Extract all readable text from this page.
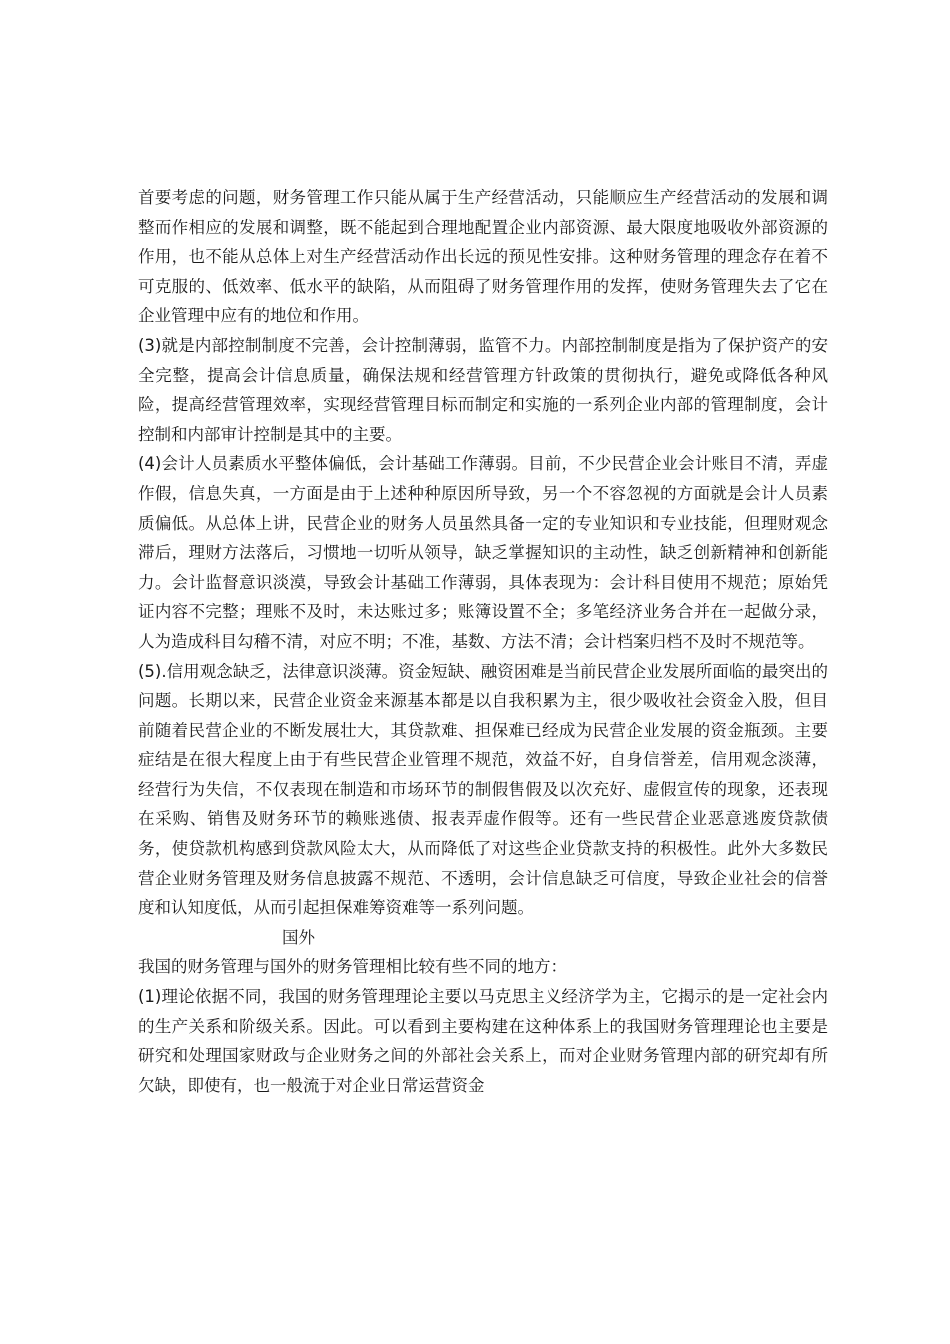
首要考虑的问题，财务管理工作只能从属于生产经营活动，只能顺应生产经营活动的发展和调整而作相应的发展和调整，既不能起到合理地配置企业内部资源、最大限度地吸收外部资源的作用，也不能从总体上对生产经营活动作出长远的预见性安排。这种财务管理的理念存在着不可克服的、低效率、低水平的缺陷，从而阻碍了财务管理作用的发挥，使财务管理失去了它在企业管理中应有的地位和作用。

(3)就是内部控制制度不完善，会计控制薄弱，监管不力。内部控制制度是指为了保护资产的安全完整，提高会计信息质量，确保法规和经营管理方针政策的贯彻执行，避免或降低各种风险，提高经营管理效率，实现经营管理目标而制定和实施的一系列企业内部的管理制度，会计控制和内部审计控制是其中的主要。

(4)会计人员素质水平整体偏低，会计基础工作薄弱。目前，不少民营企业会计账目不清，弄虚作假，信息失真，一方面是由于上述种种原因所导致，另一个不容忽视的方面就是会计人员素质偏低。从总体上讲，民营企业的财务人员虽然具备一定的专业知识和专业技能，但理财观念滞后，理财方法落后，习惯地一切听从领导，缺乏掌握知识的主动性，缺乏创新精神和创新能力。会计监督意识淡漠，导致会计基础工作薄弱，具体表现为：会计科目使用不规范；原始凭证内容不完整；理账不及时，未达账过多；账簿设置不全；多笔经济业务合并在一起做分录，人为造成科目勾稽不清，对应不明；不准，基数、方法不清；会计档案归档不及时不规范等。

(5).信用观念缺乏，法律意识淡薄。资金短缺、融资困难是当前民营企业发展所面临的最突出的问题。长期以来，民营企业资金来源基本都是以自我积累为主，很少吸收社会资金入股，但目前随着民营企业的不断发展壮大，其贷款难、担保难已经成为民营企业发展的资金瓶颈。主要症结是在很大程度上由于有些民营企业管理不规范，效益不好，自身信誉差，信用观念淡薄，经营行为失信，不仅表现在制造和市场环节的制假售假及以次充好、虚假宣传的现象，还表现在采购、销售及财务环节的赖账逃债、报表弄虚作假等。还有一些民营企业恶意逃废贷款债务，使贷款机构感到贷款风险太大，从而降低了对这些企业贷款支持的积极性。此外大多数民营企业财务管理及财务信息披露不规范、不透明，会计信息缺乏可信度，导致企业社会的信誉度和认知度低，从而引起担保难筹资难等一系列问题。

国外

我国的财务管理与国外的财务管理相比较有些不同的地方：

(1)理论依据不同，我国的财务管理理论主要以马克思主义经济学为主，它揭示的是一定社会内的生产关系和阶级关系。因此。可以看到主要构建在这种体系上的我国财务管理理论也主要是研究和处理国家财政与企业财务之间的外部社会关系上，而对企业财务管理内部的研究却有所欠缺，即使有，也一般流于对企业日常运营资金
